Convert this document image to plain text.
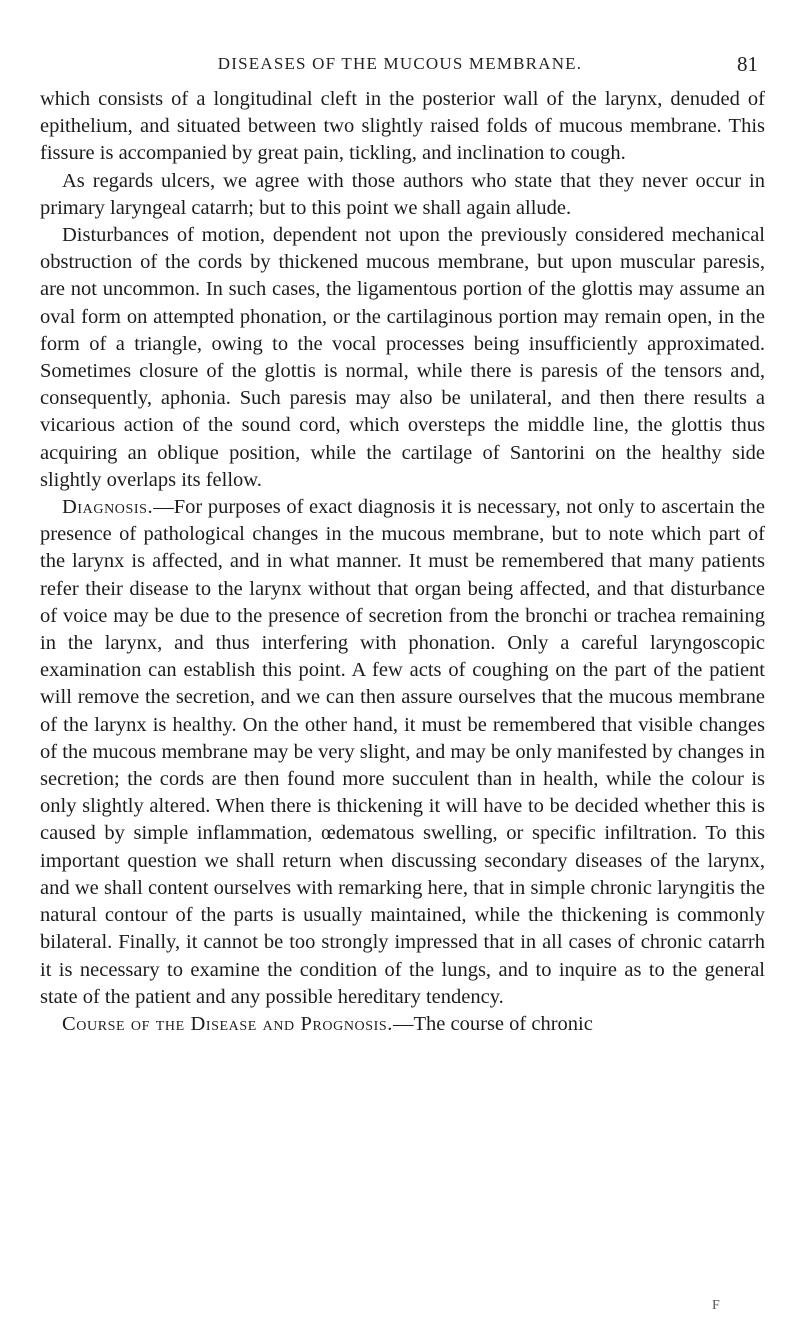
DISEASES OF THE MUCOUS MEMBRANE.	81

which consists of a longitudinal cleft in the posterior wall of the larynx, denuded of epithelium, and situated between two slightly raised folds of mucous membrane. This fissure is accompanied by great pain, tickling, and inclination to cough.

As regards ulcers, we agree with those authors who state that they never occur in primary laryngeal catarrh; but to this point we shall again allude.

Disturbances of motion, dependent not upon the previously considered mechanical obstruction of the cords by thickened mucous membrane, but upon muscular paresis, are not uncommon. In such cases, the ligamentous portion of the glottis may assume an oval form on attempted phonation, or the cartilaginous portion may remain open, in the form of a triangle, owing to the vocal processes being insufficiently approximated. Sometimes closure of the glottis is normal, while there is paresis of the tensors and, consequently, aphonia. Such paresis may also be unilateral, and then there results a vicarious action of the sound cord, which oversteps the middle line, the glottis thus acquiring an oblique position, while the cartilage of Santorini on the healthy side slightly overlaps its fellow.

Diagnosis.—For purposes of exact diagnosis it is necessary, not only to ascertain the presence of pathological changes in the mucous membrane, but to note which part of the larynx is affected, and in what manner. It must be remembered that many patients refer their disease to the larynx without that organ being affected, and that disturbance of voice may be due to the presence of secretion from the bronchi or trachea remaining in the larynx, and thus interfering with phonation. Only a careful laryngoscopic examination can establish this point. A few acts of coughing on the part of the patient will remove the secretion, and we can then assure ourselves that the mucous membrane of the larynx is healthy. On the other hand, it must be remembered that visible changes of the mucous membrane may be very slight, and may be only manifested by changes in secretion; the cords are then found more succulent than in health, while the colour is only slightly altered. When there is thickening it will have to be decided whether this is caused by simple inflammation, œdematous swelling, or specific infiltration. To this important question we shall return when discussing secondary diseases of the larynx, and we shall content ourselves with remarking here, that in simple chronic laryngitis the natural contour of the parts is usually maintained, while the thickening is commonly bilateral. Finally, it cannot be too strongly impressed that in all cases of chronic catarrh it is necessary to examine the condition of the lungs, and to inquire as to the general state of the patient and any possible hereditary tendency.

Course of the Disease and Prognosis.—The course of chronic

F
